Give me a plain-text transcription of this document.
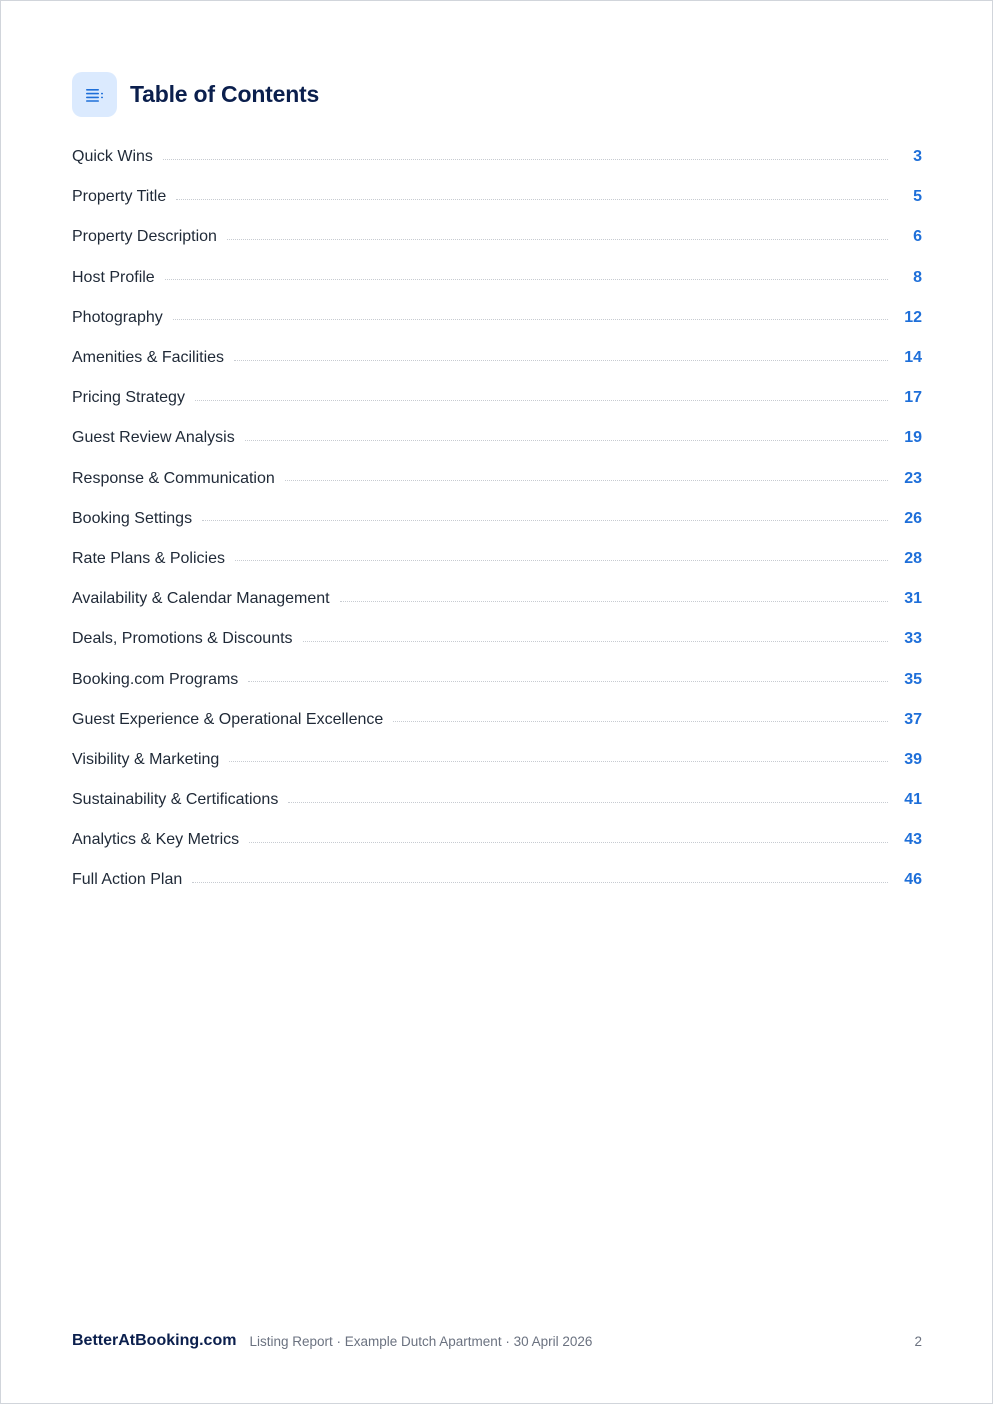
Table of Contents
Quick Wins	3
Property Title	5
Property Description	6
Host Profile	8
Photography	12
Amenities & Facilities	14
Pricing Strategy	17
Guest Review Analysis	19
Response & Communication	23
Booking Settings	26
Rate Plans & Policies	28
Availability & Calendar Management	31
Deals, Promotions & Discounts	33
Booking.com Programs	35
Guest Experience & Operational Excellence	37
Visibility & Marketing	39
Sustainability & Certifications	41
Analytics & Key Metrics	43
Full Action Plan	46
BetterAtBooking.com Listing Report · Example Dutch Apartment · 30 April 2026	2
